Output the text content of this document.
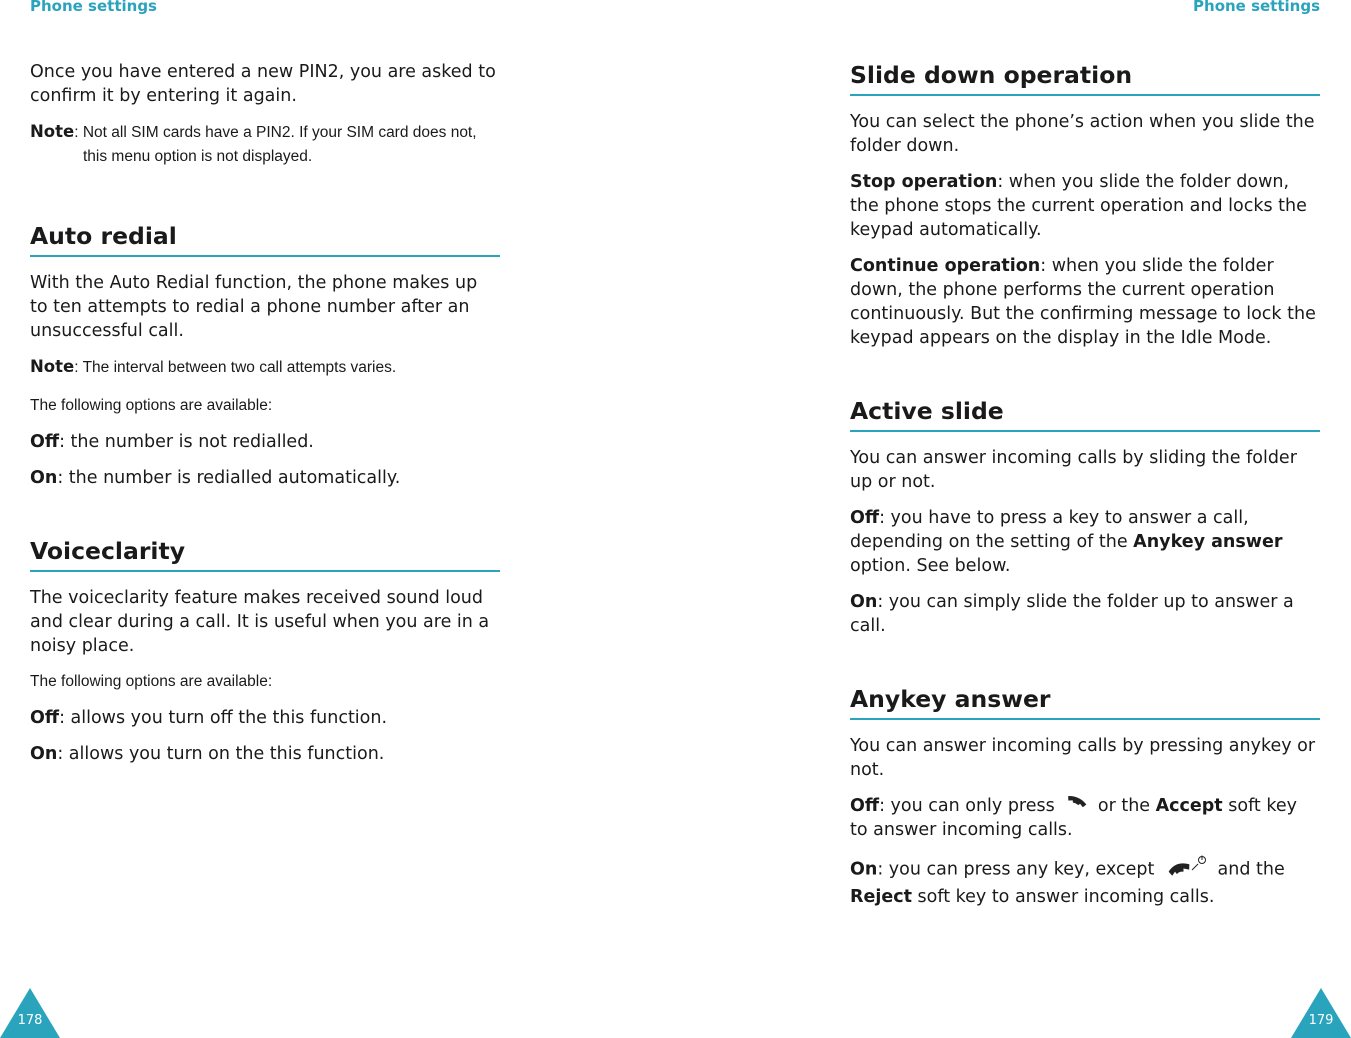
Phone settings

Once you have entered a new PIN2, you are asked to confirm it by entering it again.

Note: Not all SIM cards have a PIN2. If your SIM card does not, this menu option is not displayed.

Auto redial

With the Auto Redial function, the phone makes up to ten attempts to redial a phone number after an unsuccessful call.

Note: The interval between two call attempts varies.

The following options are available:

Off: the number is not redialled.

On: the number is redialled automatically.

Voiceclarity

The voiceclarity feature makes received sound loud and clear during a call. It is useful when you are in a noisy place.

The following options are available:

Off: allows you turn off the this function.

On: allows you turn on the this function.

178
Phone settings
Slide down operation

You can select the phone’s action when you slide the folder down.

Stop operation: when you slide the folder down, the phone stops the current operation and locks the keypad automatically.

Continue operation: when you slide the folder down, the phone performs the current operation continuously. But the confirming message to lock the keypad appears on the display in the Idle Mode.

Active slide

You can answer incoming calls by sliding the folder up or not.

Off: you have to press a key to answer a call, depending on the setting of the Anykey answer option. See below.

On: you can simply slide the folder up to answer a call.

Anykey answer

You can answer incoming calls by pressing anykey or not.

Off: you can only press  or the Accept soft key to answer incoming calls.

On: you can press any key, except	and the
Reject soft key to answer incoming calls.

179
